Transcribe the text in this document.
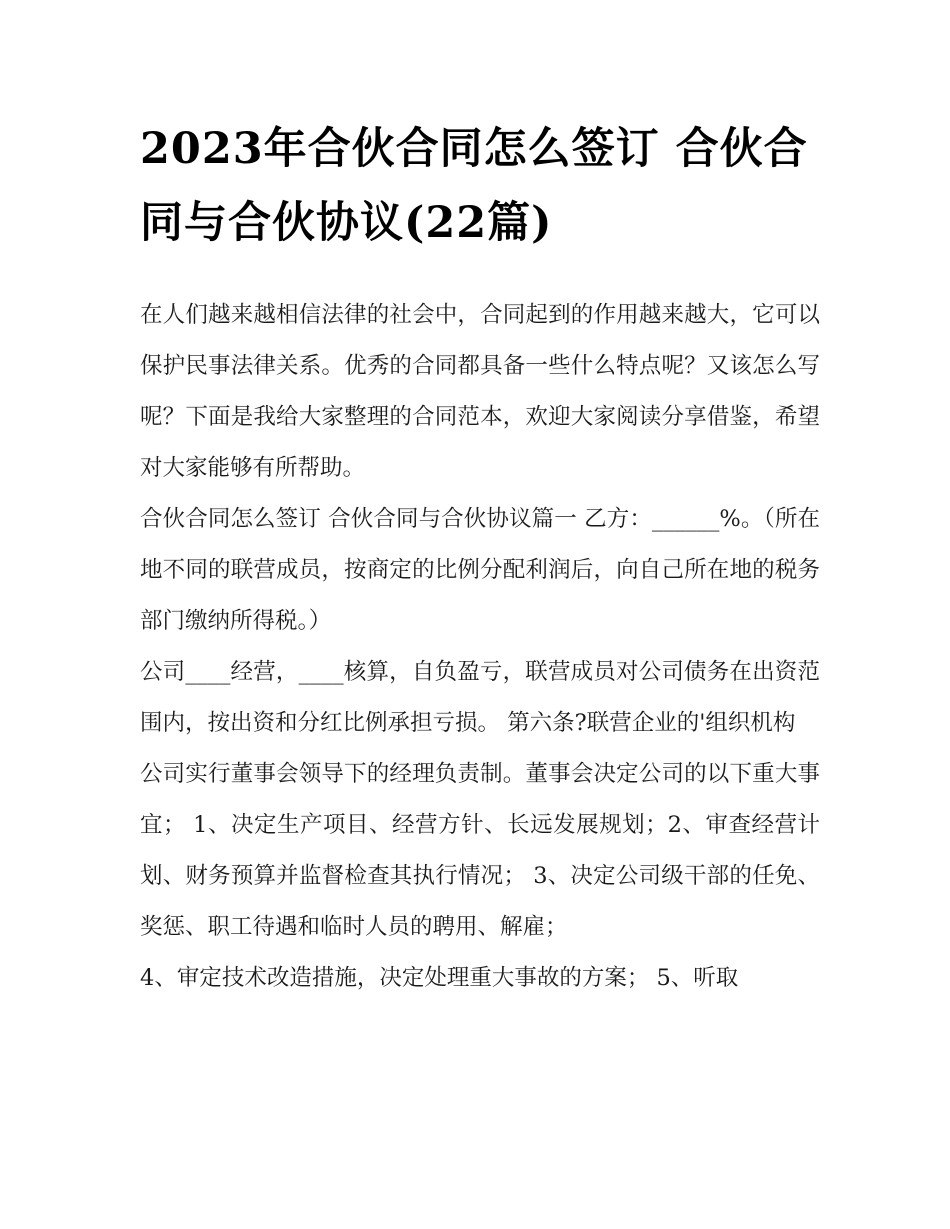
2023年合伙合同怎么签订 合伙合同与合伙协议(22篇)

在人们越来越相信法律的社会中，合同起到的作用越来越大，它可以保护民事法律关系。优秀的合同都具备一些什么特点呢？又该怎么写呢？下面是我给大家整理的合同范本，欢迎大家阅读分享借鉴，希望对大家能够有所帮助。

合伙合同怎么签订 合伙合同与合伙协议篇一 乙方：______%。（所在地不同的联营成员，按商定的比例分配利润后，向自己所在地的税务部门缴纳所得税。）

公司____经营，____核算，自负盈亏，联营成员对公司债务在出资范围内，按出资和分红比例承担亏损。 第六条?联营企业的'组织机构

公司实行董事会领导下的经理负责制。董事会决定公司的以下重大事宜； 1、决定生产项目、经营方针、长远发展规划；2、审查经营计划、财务预算并监督检查其执行情况； 3、决定公司级干部的任免、奖惩、职工待遇和临时人员的聘用、解雇；

4、审定技术改造措施，决定处理重大事故的方案； 5、听取
